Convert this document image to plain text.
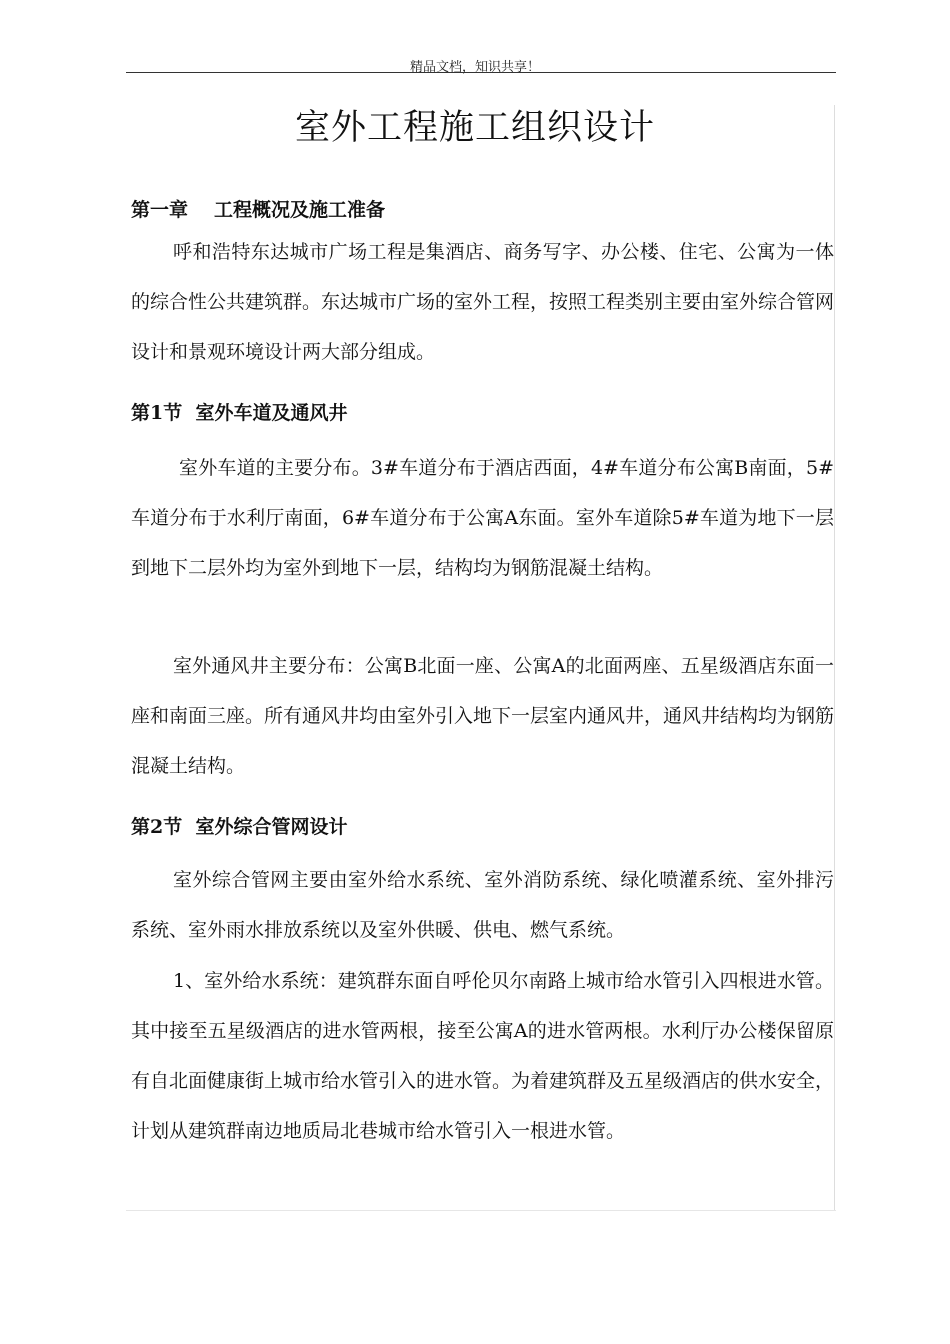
精品文档，知识共享！
室外工程施工组织设计
第一章 工程概况及施工准备

呼和浩特东达城市广场工程是集酒店、商务写字、办公楼、住宅、公寓为一体的综合性公共建筑群。东达城市广场的室外工程，按照工程类别主要由室外综合管网设计和景观环境设计两大部分组成。

第1节  室外车道及通风井

室外车道的主要分布。3#车道分布于酒店西面，4#车道分布公寓B南面，5#车道分布于水利厅南面，6#车道分布于公寓A东面。室外车道除5#车道为地下一层到地下二层外均为室外到地下一层，结构均为钢筋混凝土结构。

室外通风井主要分布：公寓B北面一座、公寓A的北面两座、五星级酒店东面一座和南面三座。所有通风井均由室外引入地下一层室内通风井，通风井结构均为钢筋混凝土结构。

第2节  室外综合管网设计

室外综合管网主要由室外给水系统、室外消防系统、绿化喷灌系统、室外排污系统、室外雨水排放系统以及室外供暖、供电、燃气系统。

1、室外给水系统：建筑群东面自呼伦贝尔南路上城市给水管引入四根进水管。其中接至五星级酒店的进水管两根，接至公寓A的进水管两根。水利厅办公楼保留原有自北面健康街上城市给水管引入的进水管。为着建筑群及五星级酒店的供水安全，计划从建筑群南边地质局北巷城市给水管引入一根进水管。
